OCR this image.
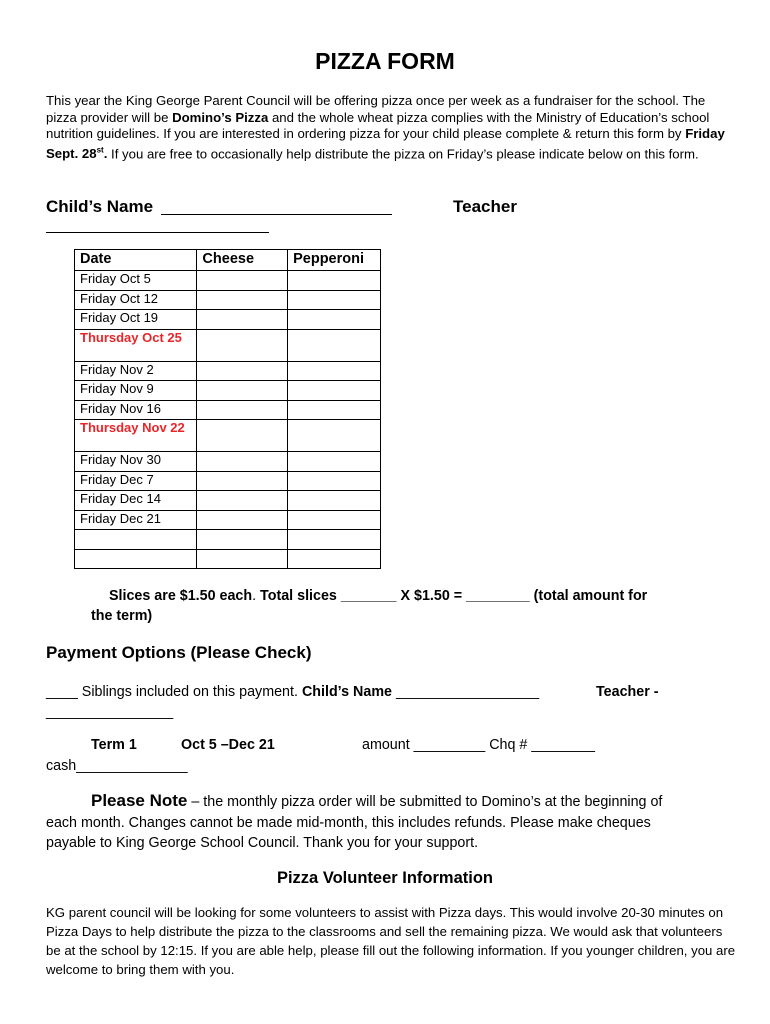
PIZZA FORM
This year the King George Parent Council will be offering pizza once per week as a fundraiser for the school. The pizza provider will be Domino’s Pizza and the whole wheat pizza complies with the Ministry of Education’s school nutrition guidelines. If you are interested in ordering pizza for your child please complete & return this form by Friday Sept. 28st. If you are free to occasionally help distribute the pizza on Friday’s please indicate below on this form.
Child’s Name	Teacher
Date	Cheese	Pepperoni
Friday Oct 5		
Friday Oct 12		
Friday Oct 19		
Thursday Oct 25		
Friday Nov 2		
Friday Nov 9		
Friday Nov 16		
Thursday Nov 22		
Friday Nov 30		
Friday Dec 7		
Friday Dec 14		
Friday Dec 21		

Slices are $1.50 each. Total slices _______ X $1.50 = ________ (total amount for
the term)
Payment Options (Please Check)
____ Siblings included on this payment. Child’s Name __________________	Teacher -
________________
Term 1	Oct 5 –Dec 21	amount _________ Chq # ________
cash______________
Please Note – the monthly pizza order will be submitted to Domino’s at the beginning of
each month. Changes cannot be made mid-month, this includes refunds. Please make cheques
payable to King George School Council. Thank you for your support.
Pizza Volunteer Information
KG parent council will be looking for some volunteers to assist with Pizza days. This would involve 20-30 minutes on Pizza Days to help distribute the pizza to the classrooms and sell the remaining pizza. We would ask that volunteers be at the school by 12:15. If you are able help, please fill out the following information. If you younger children, you are welcome to bring them with you.
